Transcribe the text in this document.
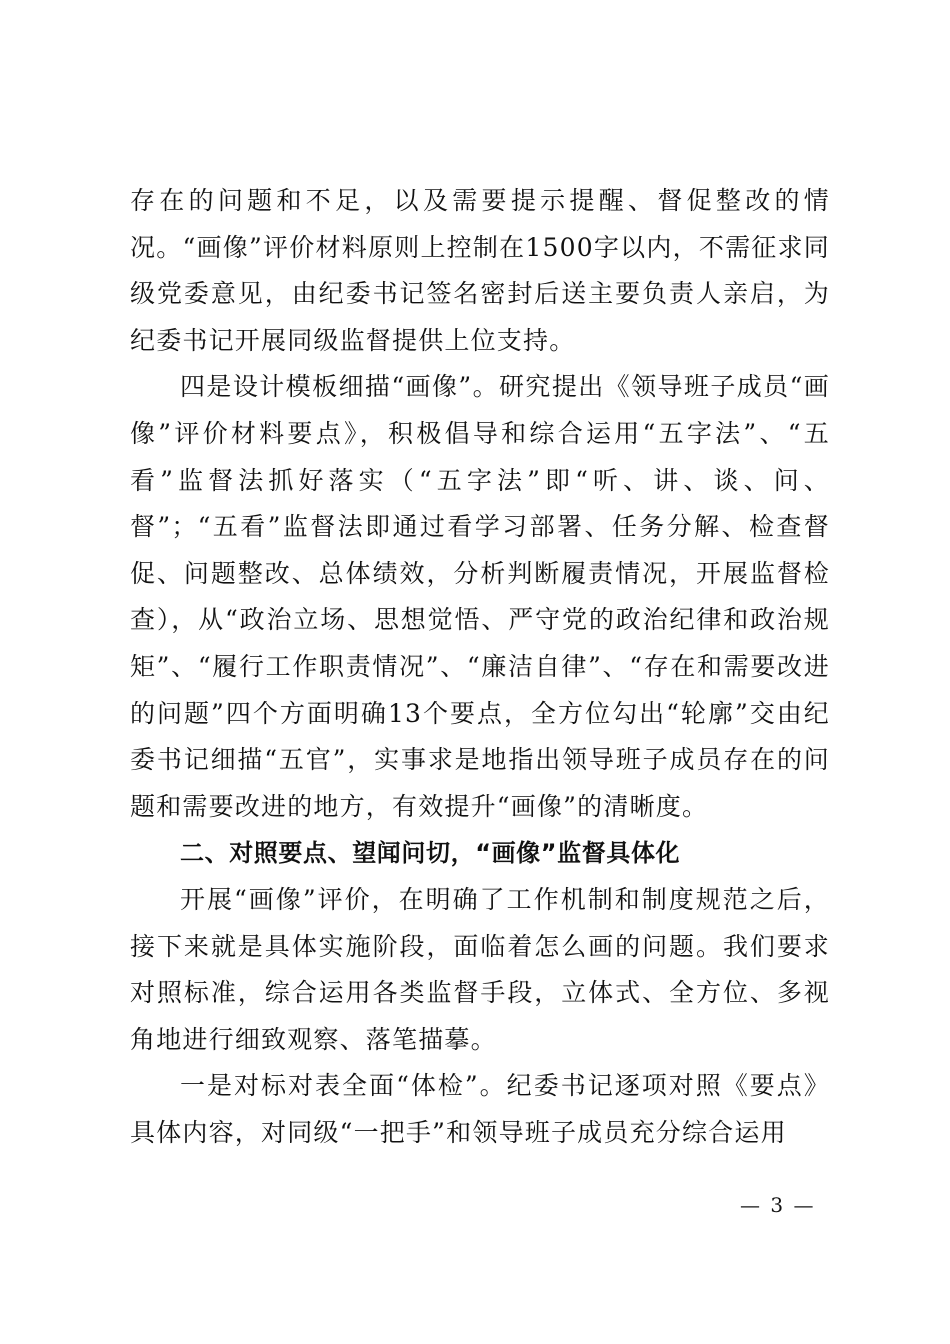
存在的问题和不足，以及需要提示提醒、督促整改的情况。“画像”评价材料原则上控制在1500字以内，不需征求同级党委意见，由纪委书记签名密封后送主要负责人亲启，为纪委书记开展同级监督提供上位支持。

四是设计模板细描“画像”。研究提出《领导班子成员“画像”评价材料要点》，积极倡导和综合运用“五字法”、“五看”监督法抓好落实（“五字法”即“听、讲、谈、问、督”；“五看”监督法即通过看学习部署、任务分解、检查督促、问题整改、总体绩效，分析判断履责情况，开展监督检查），从“政治立场、思想觉悟、严守党的政治纪律和政治规矩”、“履行工作职责情况”、“廉洁自律”、“存在和需要改进的问题”四个方面明确13个要点，全方位勾出“轮廓”交由纪委书记细描“五官”，实事求是地指出领导班子成员存在的问题和需要改进的地方，有效提升“画像”的清晰度。

二、对照要点、望闻问切，“画像”监督具体化

开展“画像”评价，在明确了工作机制和制度规范之后，接下来就是具体实施阶段，面临着怎么画的问题。我们要求对照标准，综合运用各类监督手段，立体式、全方位、多视角地进行细致观察、落笔描摹。

一是对标对表全面“体检”。纪委书记逐项对照《要点》具体内容，对同级“一把手”和领导班子成员充分综合运用

— 3 —
